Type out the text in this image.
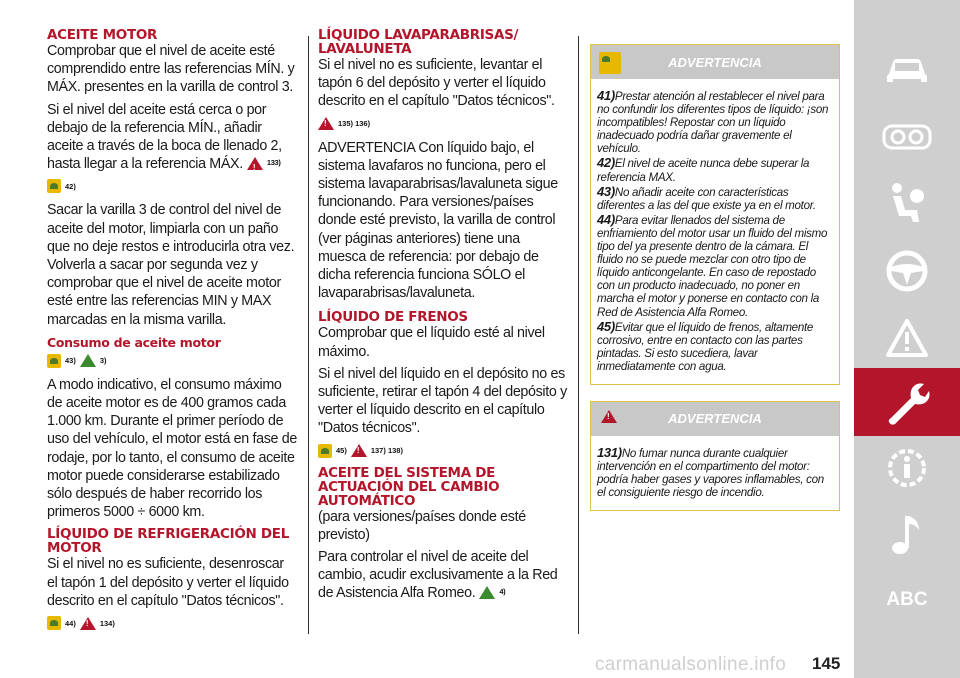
ACEITE MOTOR

Comprobar que el nivel de aceite esté comprendido entre las referencias MÍN. y MÁX. presentes en la varilla de control 3.

Si el nivel del aceite está cerca o por debajo de la referencia MÍN., añadir aceite a través de la boca de llenado 2, hasta llegar a la referencia MÁX. !	133)

42)

Sacar la varilla 3 de control del nivel de aceite del motor, limpiarla con un paño que no deje restos e introducirla otra vez. Volverla a sacar por segunda vez y comprobar que el nivel de aceite motor esté entre las referencias MIN y MAX marcadas en la misma varilla.

Consumo de aceite motor
43)	3)

A modo indicativo, el consumo máximo de aceite motor es de 400 gramos cada 1.000 km. Durante el primer período de uso del vehículo, el motor está en fase de rodaje, por lo tanto, el consumo de aceite motor puede considerarse estabilizado sólo después de haber recorrido los primeros 5000 ÷ 6000 km.

LÍQUIDO DE REFRIGERACIÓN DEL MOTOR

Si el nivel no es suficiente, desenroscar el tapón 1 del depósito y verter el líquido descrito en el capítulo "Datos técnicos".

44) !	134)
LÍQUIDO LAVAPARABRISAS/ LAVALUNETA

Si el nivel no es suficiente, levantar el tapón 6 del depósito y verter el líquido descrito en el capítulo "Datos técnicos".

!
135) 136)

ADVERTENCIA Con líquido bajo, el sistema lavafaros no funciona, pero el sistema lavaparabrisas/lavaluneta sigue funcionando. Para versiones/países donde esté previsto, la varilla de control (ver páginas anteriores) tiene una muesca de referencia: por debajo de dicha referencia funciona SÓLO el lavaparabrisas/lavaluneta.

LÍQUIDO DE FRENOS

Comprobar que el líquido esté al nivel máximo.

Si el nivel del líquido en el depósito no es suficiente, retirar el tapón 4 del depósito y verter el líquido descrito en el capítulo "Datos técnicos".

45) !	137) 138)
ACEITE DEL SISTEMA DE ACTUACIÓN DEL CAMBIO AUTOMÁTICO

(para versiones/países donde esté previsto)

Para controlar el nivel de aceite del cambio, acudir exclusivamente a la Red de Asistencia Alfa Romeo.	4)

ADVERTENCIA
41)Prestar atención al restablecer el nivel para no confundir los diferentes tipos de líquido: ¡son incompatibles! Repostar con un líquido inadecuado podría dañar gravemente el vehículo.
42)El nivel de aceite nunca debe superar la referencia MAX.
43)No añadir aceite con características diferentes a las del que existe ya en el motor.
44)Para evitar llenados del sistema de enfriamiento del motor usar un fluido del mismo tipo del ya presente dentro de la cámara. El fluido no se puede mezclar con otro tipo de líquido anticongelante. En caso de repostado con un producto inadecuado, no poner en marcha el motor y ponerse en contacto con la Red de Asistencia Alfa Romeo.
45)Evitar que el líquido de frenos, altamente corrosivo, entre en contacto con las partes pintadas. Si esto sucediera, lavar inmediatamente con agua.
!
ADVERTENCIA
131)No fumar nunca durante cualquier intervención en el compartimento del motor: podría haber gases y vapores inflamables, con el consiguiente riesgo de incendio.
ABC
carmanualsonline.info 145
